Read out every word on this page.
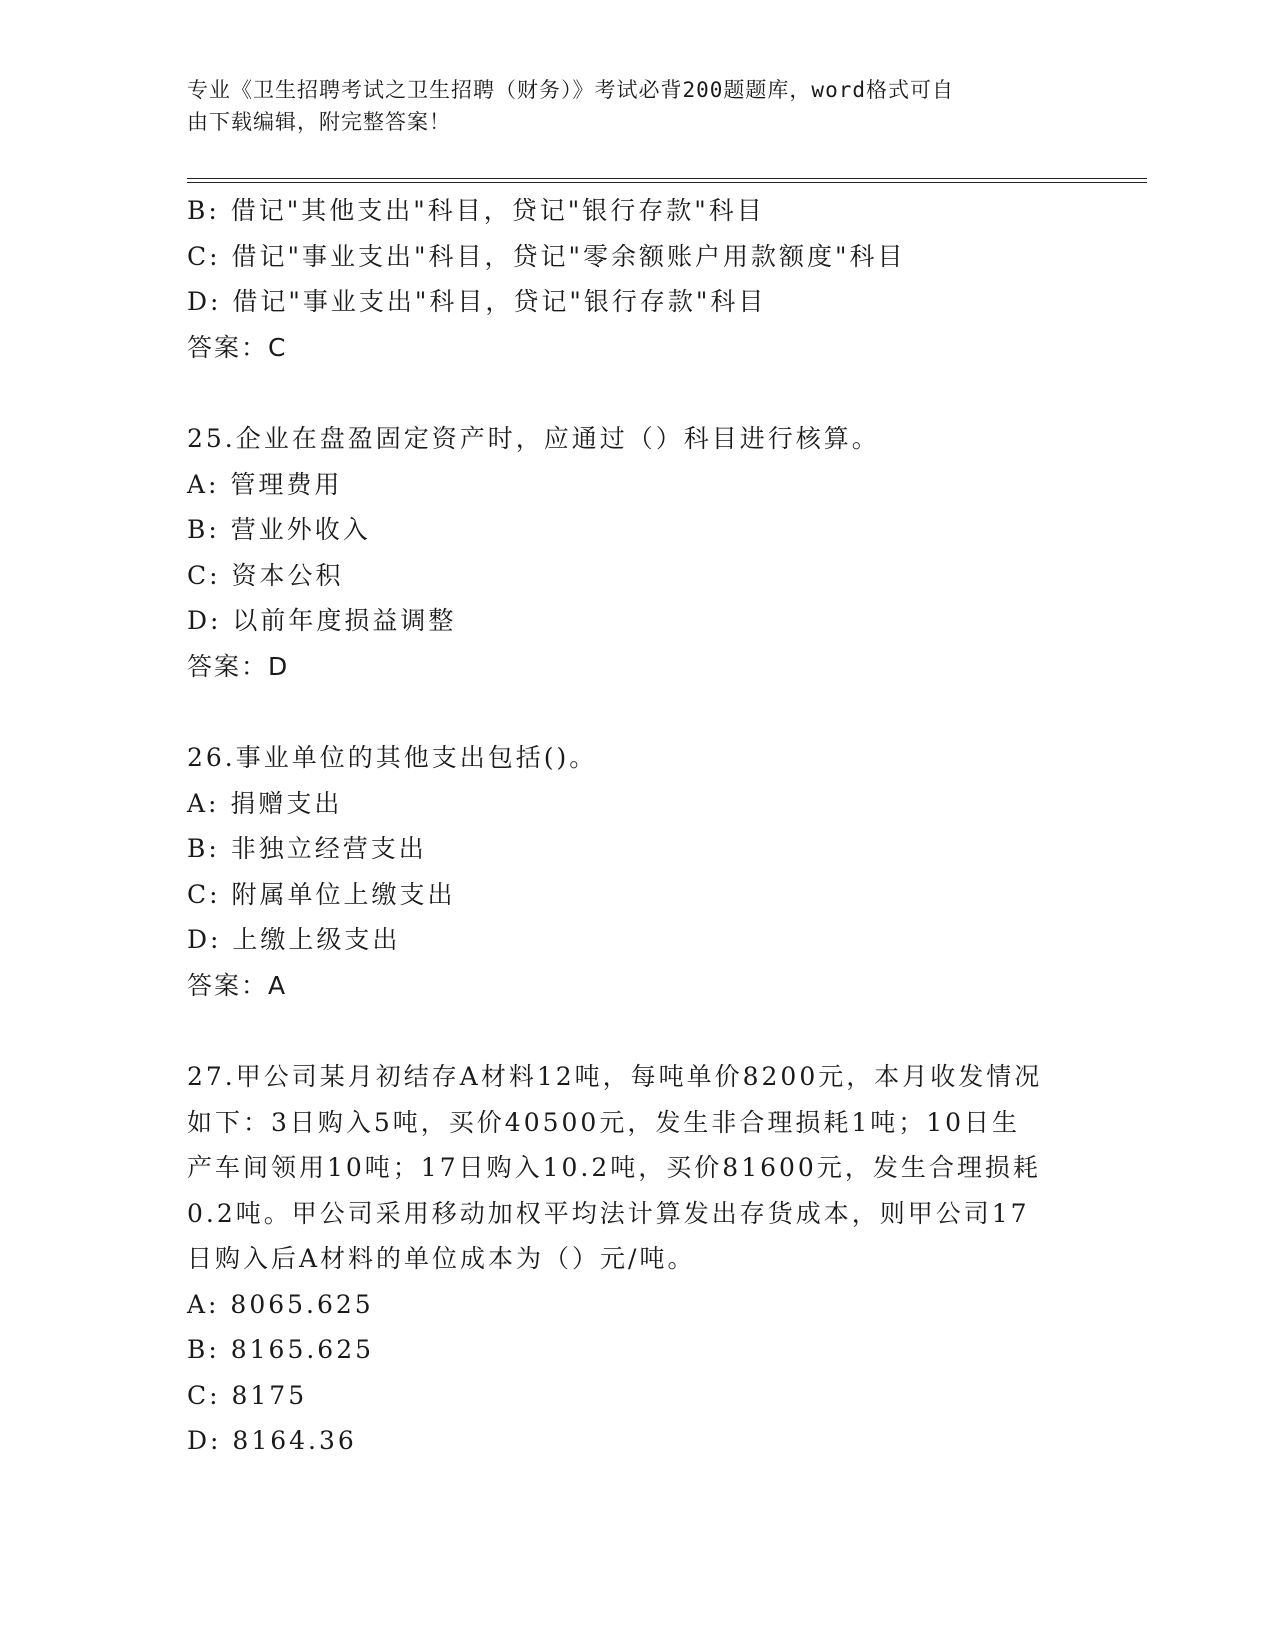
专业《卫生招聘考试之卫生招聘（财务）》考试必背200题题库，word格式可自
由下载编辑，附完整答案！

B: 借记"其他支出"科目，贷记"银行存款"科目

C: 借记"事业支出"科目，贷记"零余额账户用款额度"科目

D: 借记"事业支出"科目，贷记"银行存款"科目

答案：C

25.企业在盘盈固定资产时，应通过（）科目进行核算。

A: 管理费用

B: 营业外收入

C: 资本公积

D: 以前年度损益调整

答案：D

26.事业单位的其他支出包括()。

A: 捐赠支出

B: 非独立经营支出

C: 附属单位上缴支出

D: 上缴上级支出

答案：A

27.甲公司某月初结存A材料12吨，每吨单价8200元，本月收发情况

如下：3日购入5吨，买价40500元，发生非合理损耗1吨；10日生

产车间领用10吨；17日购入10.2吨，买价81600元，发生合理损耗

0.2吨。甲公司采用移动加权平均法计算发出存货成本，则甲公司17

日购入后A材料的单位成本为（）元/吨。

A: 8065.625

B: 8165.625

C: 8175

D: 8164.36
